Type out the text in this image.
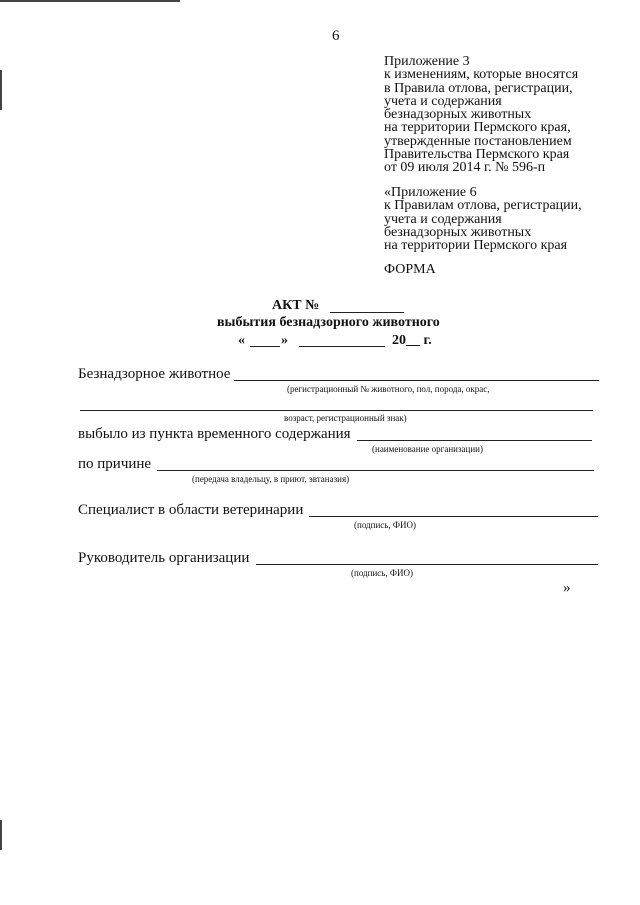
6
Приложение 3
к изменениям, которые вносятся
в Правила отлова, регистрации,
учета и содержания
безнадзорных животных
на территории Пермского края,
утвержденные постановлением
Правительства Пермского края
от 09 июля 2014 г. № 596-п
«Приложение 6
к Правилам отлова, регистрации,
учета и содержания
безнадзорных животных
на территории Пермского края
ФОРМА
АКТ №
выбытия безнадзорного животного
«	»	20__ г.
Безнадзорное животное
(регистрационный № животного, пол, порода, окрас,
возраст, регистрационный знак)
выбыло из пункта временного содержания
(наименование организации)
по причине
(передача владельцу, в приют, эвтаназия)
Специалист в области ветеринарии
(подпись, ФИО)
Руководитель организации
(подпись, ФИО)
»
